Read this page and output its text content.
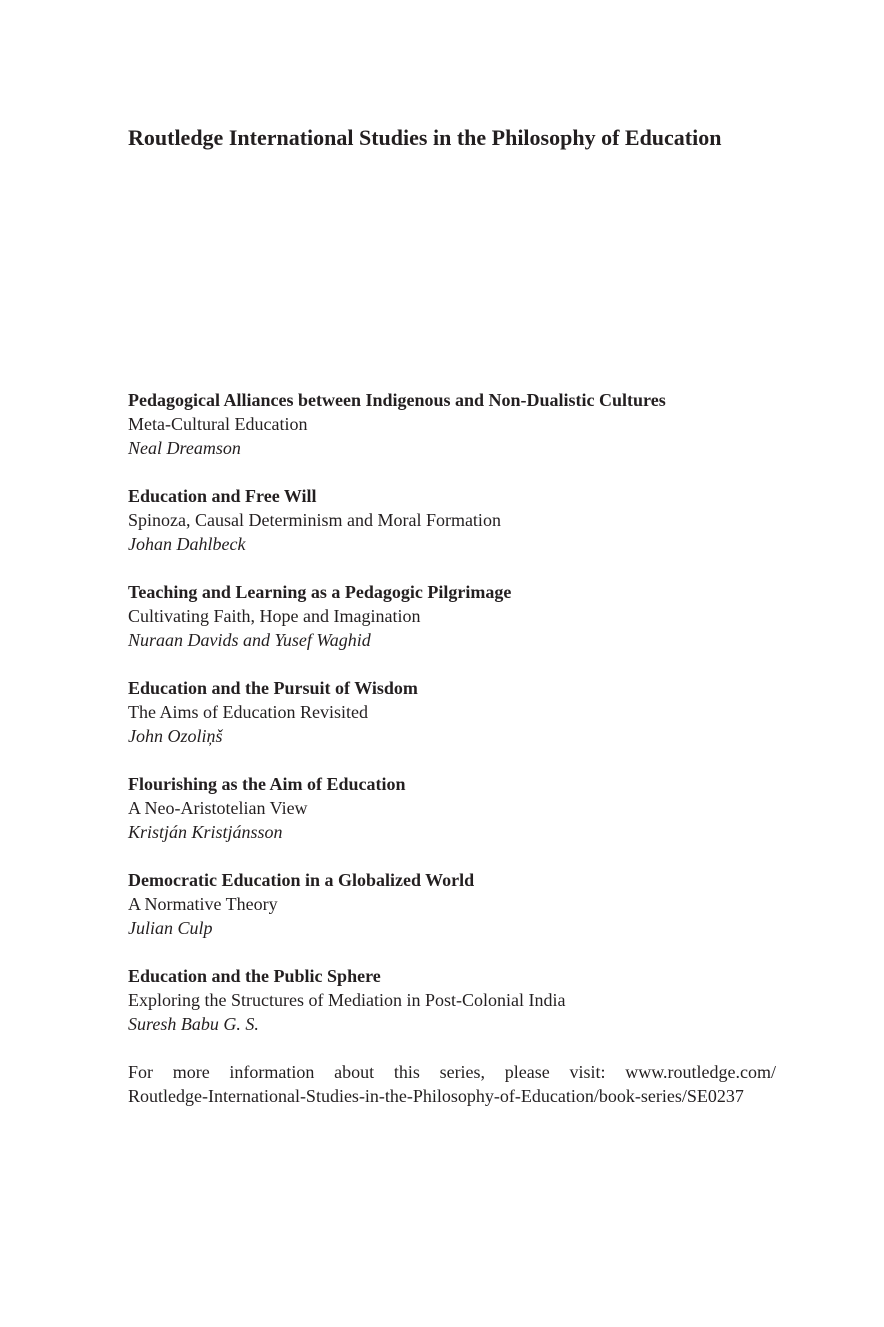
Routledge International Studies in the Philosophy of Education
Pedagogical Alliances between Indigenous and Non-Dualistic Cultures
Meta-Cultural Education
Neal Dreamson
Education and Free Will
Spinoza, Causal Determinism and Moral Formation
Johan Dahlbeck
Teaching and Learning as a Pedagogic Pilgrimage
Cultivating Faith, Hope and Imagination
Nuraan Davids and Yusef Waghid
Education and the Pursuit of Wisdom
The Aims of Education Revisited
John Ozoliņš
Flourishing as the Aim of Education
A Neo-Aristotelian View
Kristján Kristjánsson
Democratic Education in a Globalized World
A Normative Theory
Julian Culp
Education and the Public Sphere
Exploring the Structures of Mediation in Post-Colonial India
Suresh Babu G. S.

For more information about this series, please visit: www.routledge.com/
Routledge-International-Studies-in-the-Philosophy-of-Education/book-series/SE0237
